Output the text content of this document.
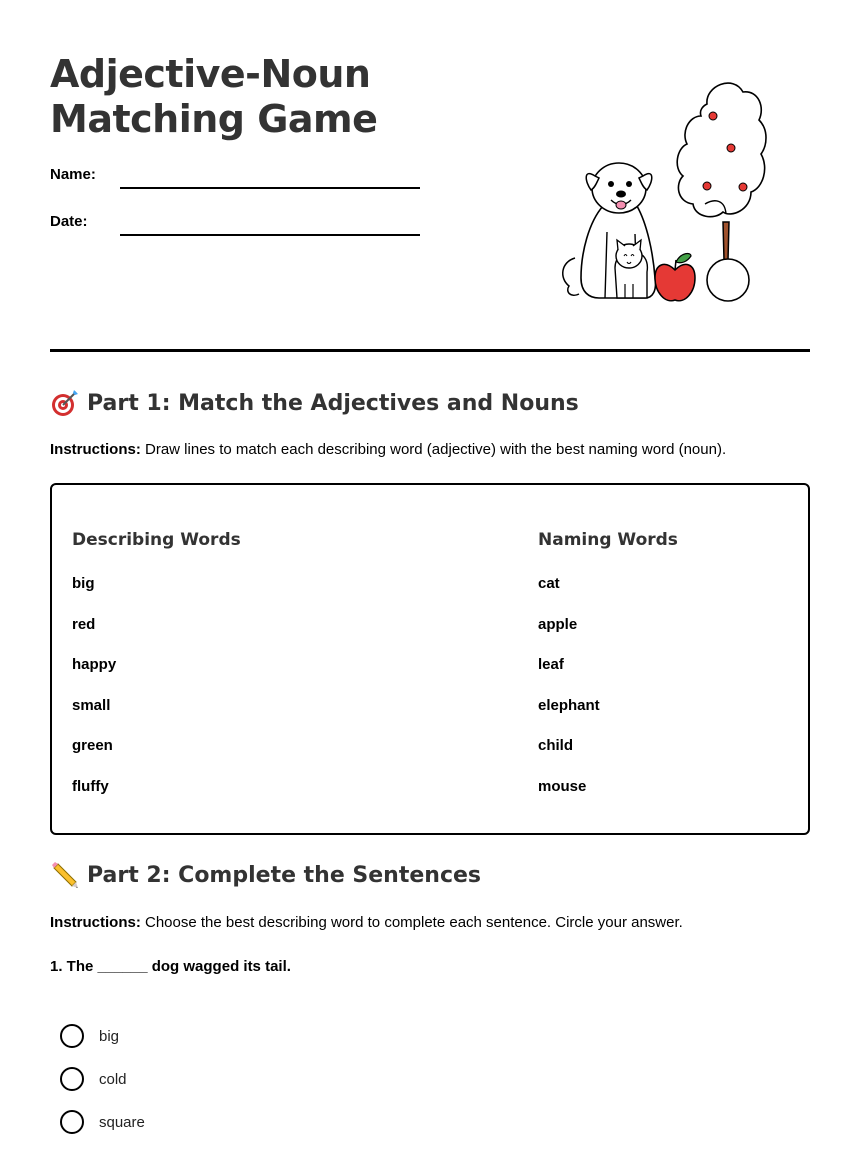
Adjective-Noun
Matching Game
Name:
Date:
Part 1: Match the Adjectives and Nouns
Instructions: Draw lines to match each describing word (adjective) with the best naming word (noun).
Describing Words	Naming Words
big
red
happy
small
green
fluffy
cat
apple
leaf
elephant
child
mouse
Part 2: Complete the Sentences
Instructions: Choose the best describing word to complete each sentence. Circle your answer.
1. The ______ dog wagged its tail.
big
cold
square
